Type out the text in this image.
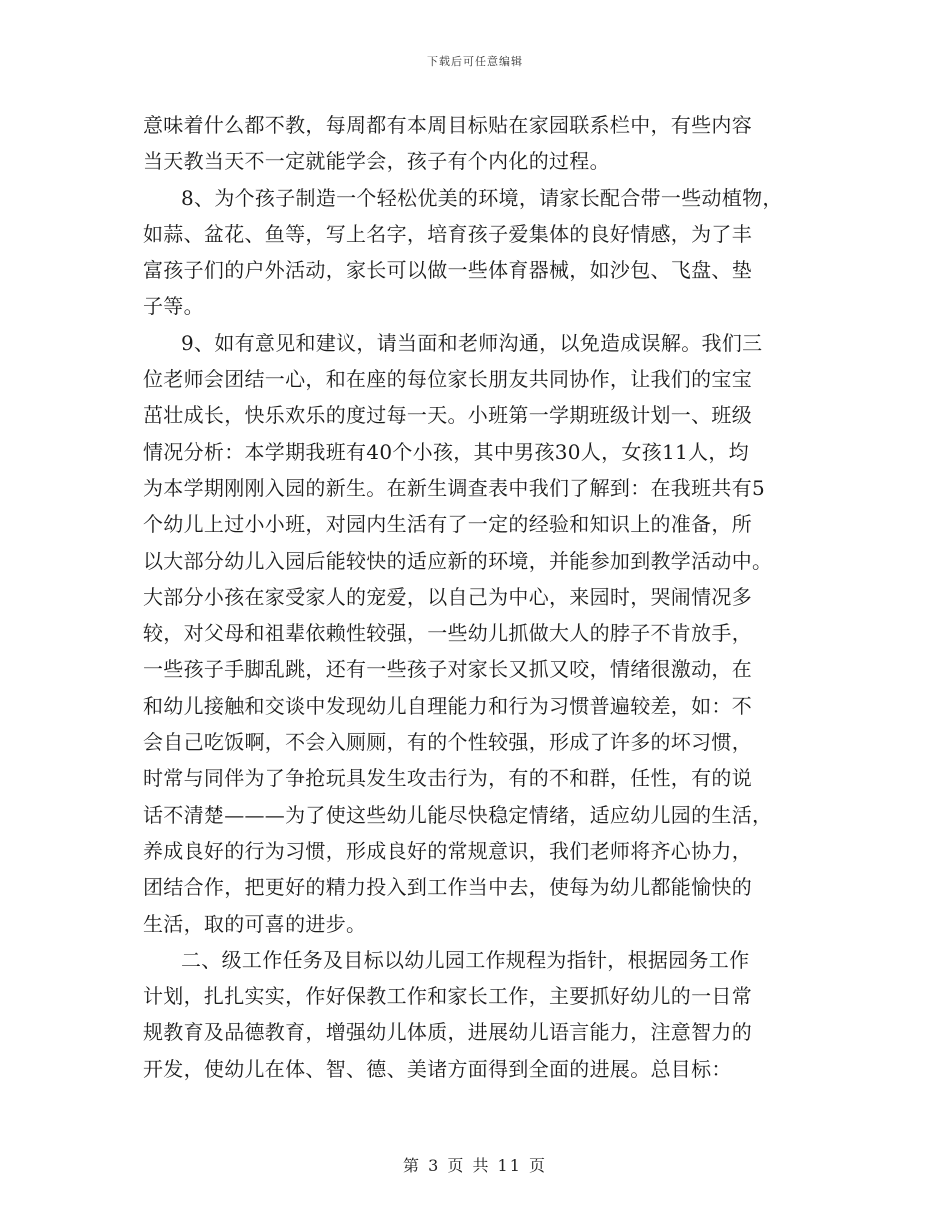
下载后可任意编辑
意味着什么都不教，每周都有本周目标贴在家园联系栏中，有些内容
当天教当天不一定就能学会，孩子有个内化的过程。
8、为个孩子制造一个轻松优美的环境，请家长配合带一些动植物，
如蒜、盆花、鱼等，写上名字，培育孩子爱集体的良好情感，为了丰
富孩子们的户外活动，家长可以做一些体育器械，如沙包、飞盘、垫
子等。
9、如有意见和建议，请当面和老师沟通，以免造成误解。我们三
位老师会团结一心，和在座的每位家长朋友共同协作，让我们的宝宝
茁壮成长，快乐欢乐的度过每一天。小班第一学期班级计划一、班级
情况分析：本学期我班有40个小孩，其中男孩30人，女孩11人，均
为本学期刚刚入园的新生。在新生调查表中我们了解到：在我班共有5
个幼儿上过小小班，对园内生活有了一定的经验和知识上的准备，所
以大部分幼儿入园后能较快的适应新的环境，并能参加到教学活动中。
大部分小孩在家受家人的宠爱，以自己为中心，来园时，哭闹情况多
较，对父母和祖辈依赖性较强，一些幼儿抓做大人的脖子不肯放手，
一些孩子手脚乱跳，还有一些孩子对家长又抓又咬，情绪很激动，在
和幼儿接触和交谈中发现幼儿自理能力和行为习惯普遍较差，如：不
会自己吃饭啊，不会入厕厕，有的个性较强，形成了许多的坏习惯，
时常与同伴为了争抢玩具发生攻击行为，有的不和群，任性，有的说
话不清楚———为了使这些幼儿能尽快稳定情绪，适应幼儿园的生活，
养成良好的行为习惯，形成良好的常规意识，我们老师将齐心协力，
团结合作，把更好的精力投入到工作当中去，使每为幼儿都能愉快的
生活，取的可喜的进步。
二、级工作任务及目标以幼儿园工作规程为指针，根据园务工作
计划，扎扎实实，作好保教工作和家长工作，主要抓好幼儿的一日常
规教育及品德教育，增强幼儿体质，进展幼儿语言能力，注意智力的
开发，使幼儿在体、智、德、美诸方面得到全面的进展。总目标：
第 3 页 共 11 页
